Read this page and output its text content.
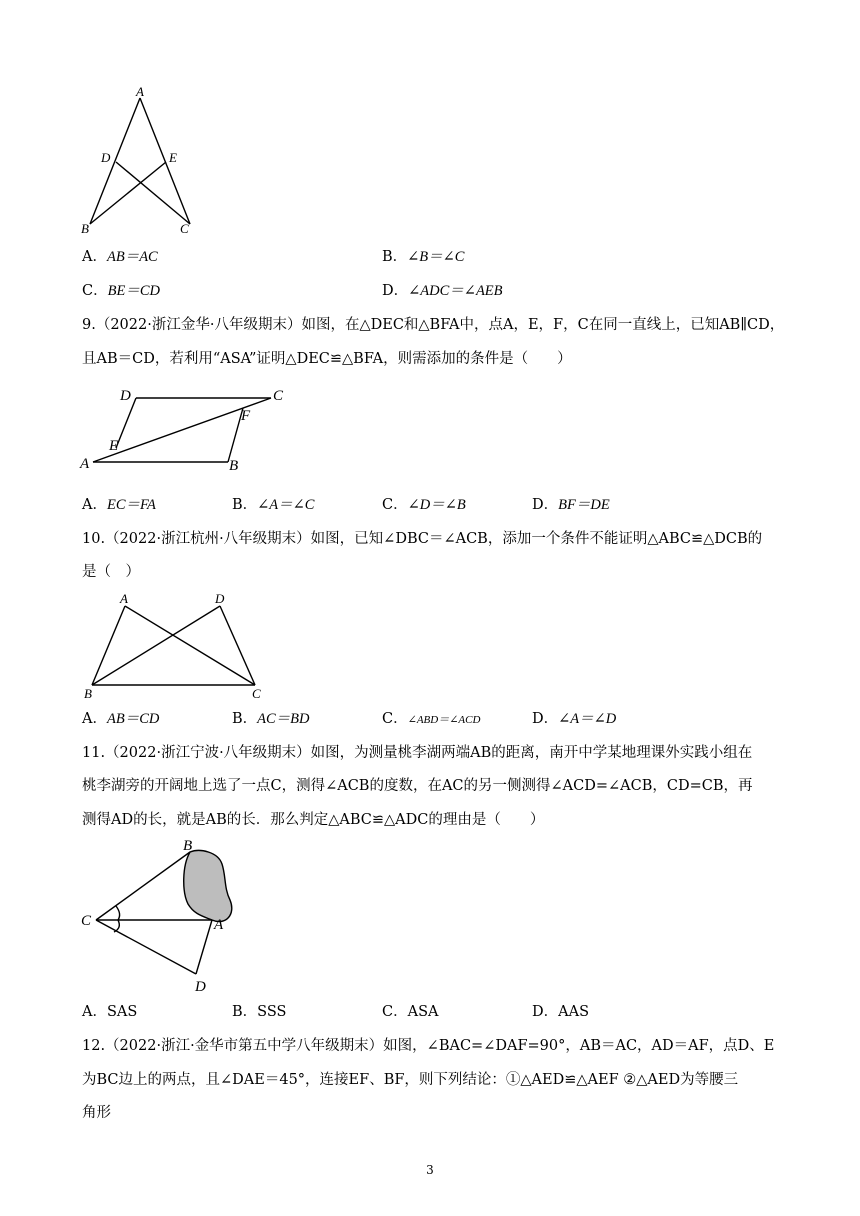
A
D	E
B	C
A．AB＝AC	B．∠B＝∠C
C．BE＝CD	D．∠ADC＝∠AEB
9.（2022·浙江金华·八年级期末）如图，在△DEC和△BFA中，点A，E，F，C在同一直线上，已知AB∥CD，
且AB＝CD，若利用“ASA”证明△DEC≌△BFA，则需添加的条件是（　　）
D	C
F
E
A	B
A．EC＝FA	B．∠A＝∠C	C．∠D＝∠B	D．BF＝DE
10.（2022·浙江杭州·八年级期末）如图，已知∠DBC＝∠ACB，添加一个条件不能证明△ABC≌△DCB的
是（　）
A	D
B	C
A．AB＝CD	B．AC＝BD	C．∠ABD＝∠ACD	D．∠A＝∠D
11.（2022·浙江宁波·八年级期末）如图，为测量桃李湖两端AB的距离，南开中学某地理课外实践小组在
桃李湖旁的开阔地上选了一点C，测得∠ACB的度数，在AC的另一侧测得∠ACD=∠ACB，CD=CB，再
测得AD的长，就是AB的长．那么判定△ABC≌△ADC的理由是（　　）
B
C	A
D
A．SAS	B．SSS	C．ASA	D．AAS
12.（2022·浙江·金华市第五中学八年级期末）如图，∠BAC=∠DAF=90°，AB＝AC，AD＝AF，点D、E
为BC边上的两点，且∠DAE＝45°，连接EF、BF，则下列结论：①△AED≌△AEF ②△AED为等腰三
角形
3
